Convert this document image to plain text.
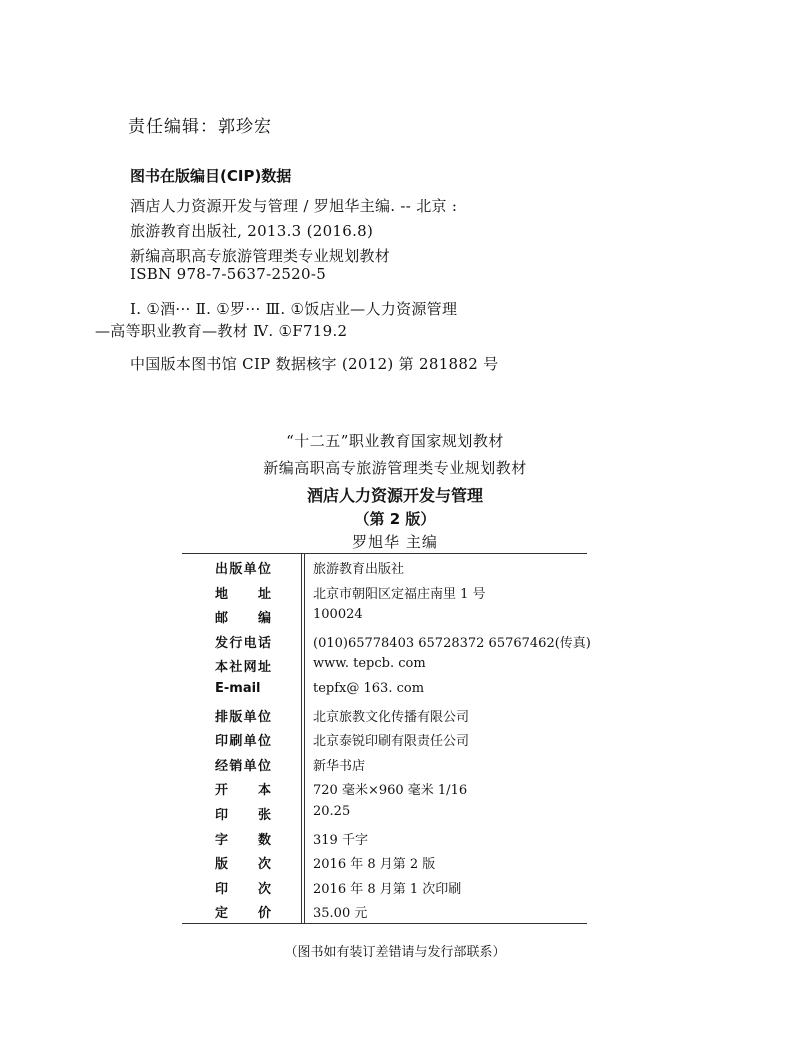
责任编辑：郭珍宏
图书在版编目(CIP)数据
酒店人力资源开发与管理 / 罗旭华主编. -- 北京 :
旅游教育出版社, 2013.3 (2016.8)
新编高职高专旅游管理类专业规划教材
ISBN 978-7-5637-2520-5
Ⅰ. ①酒··· Ⅱ. ①罗··· Ⅲ. ①饭店业—人力资源管理
—高等职业教育—教材 Ⅳ. ①F719.2
中国版本图书馆 CIP 数据核字 (2012) 第 281882 号
“十二五”职业教育国家规划教材
新编高职高专旅游管理类专业规划教材
酒店人力资源开发与管理
（第 2 版）
罗旭华 主编
出版单位	旅游教育出版社
地址	北京市朝阳区定福庄南里 1 号
邮编	100024
发行电话	(010)65778403 65728372 65767462(传真)
本社网址	www. tepcb. com
E-mail	tepfx@ 163. com
排版单位	北京旅教文化传播有限公司
印刷单位	北京泰锐印刷有限责任公司
经销单位	新华书店
开本	720 毫米×960 毫米 1/16
印张	20.25
字数	319 千字
版次	2016 年 8 月第 2 版
印次	2016 年 8 月第 1 次印刷
定价	35.00 元
（图书如有装订差错请与发行部联系）
